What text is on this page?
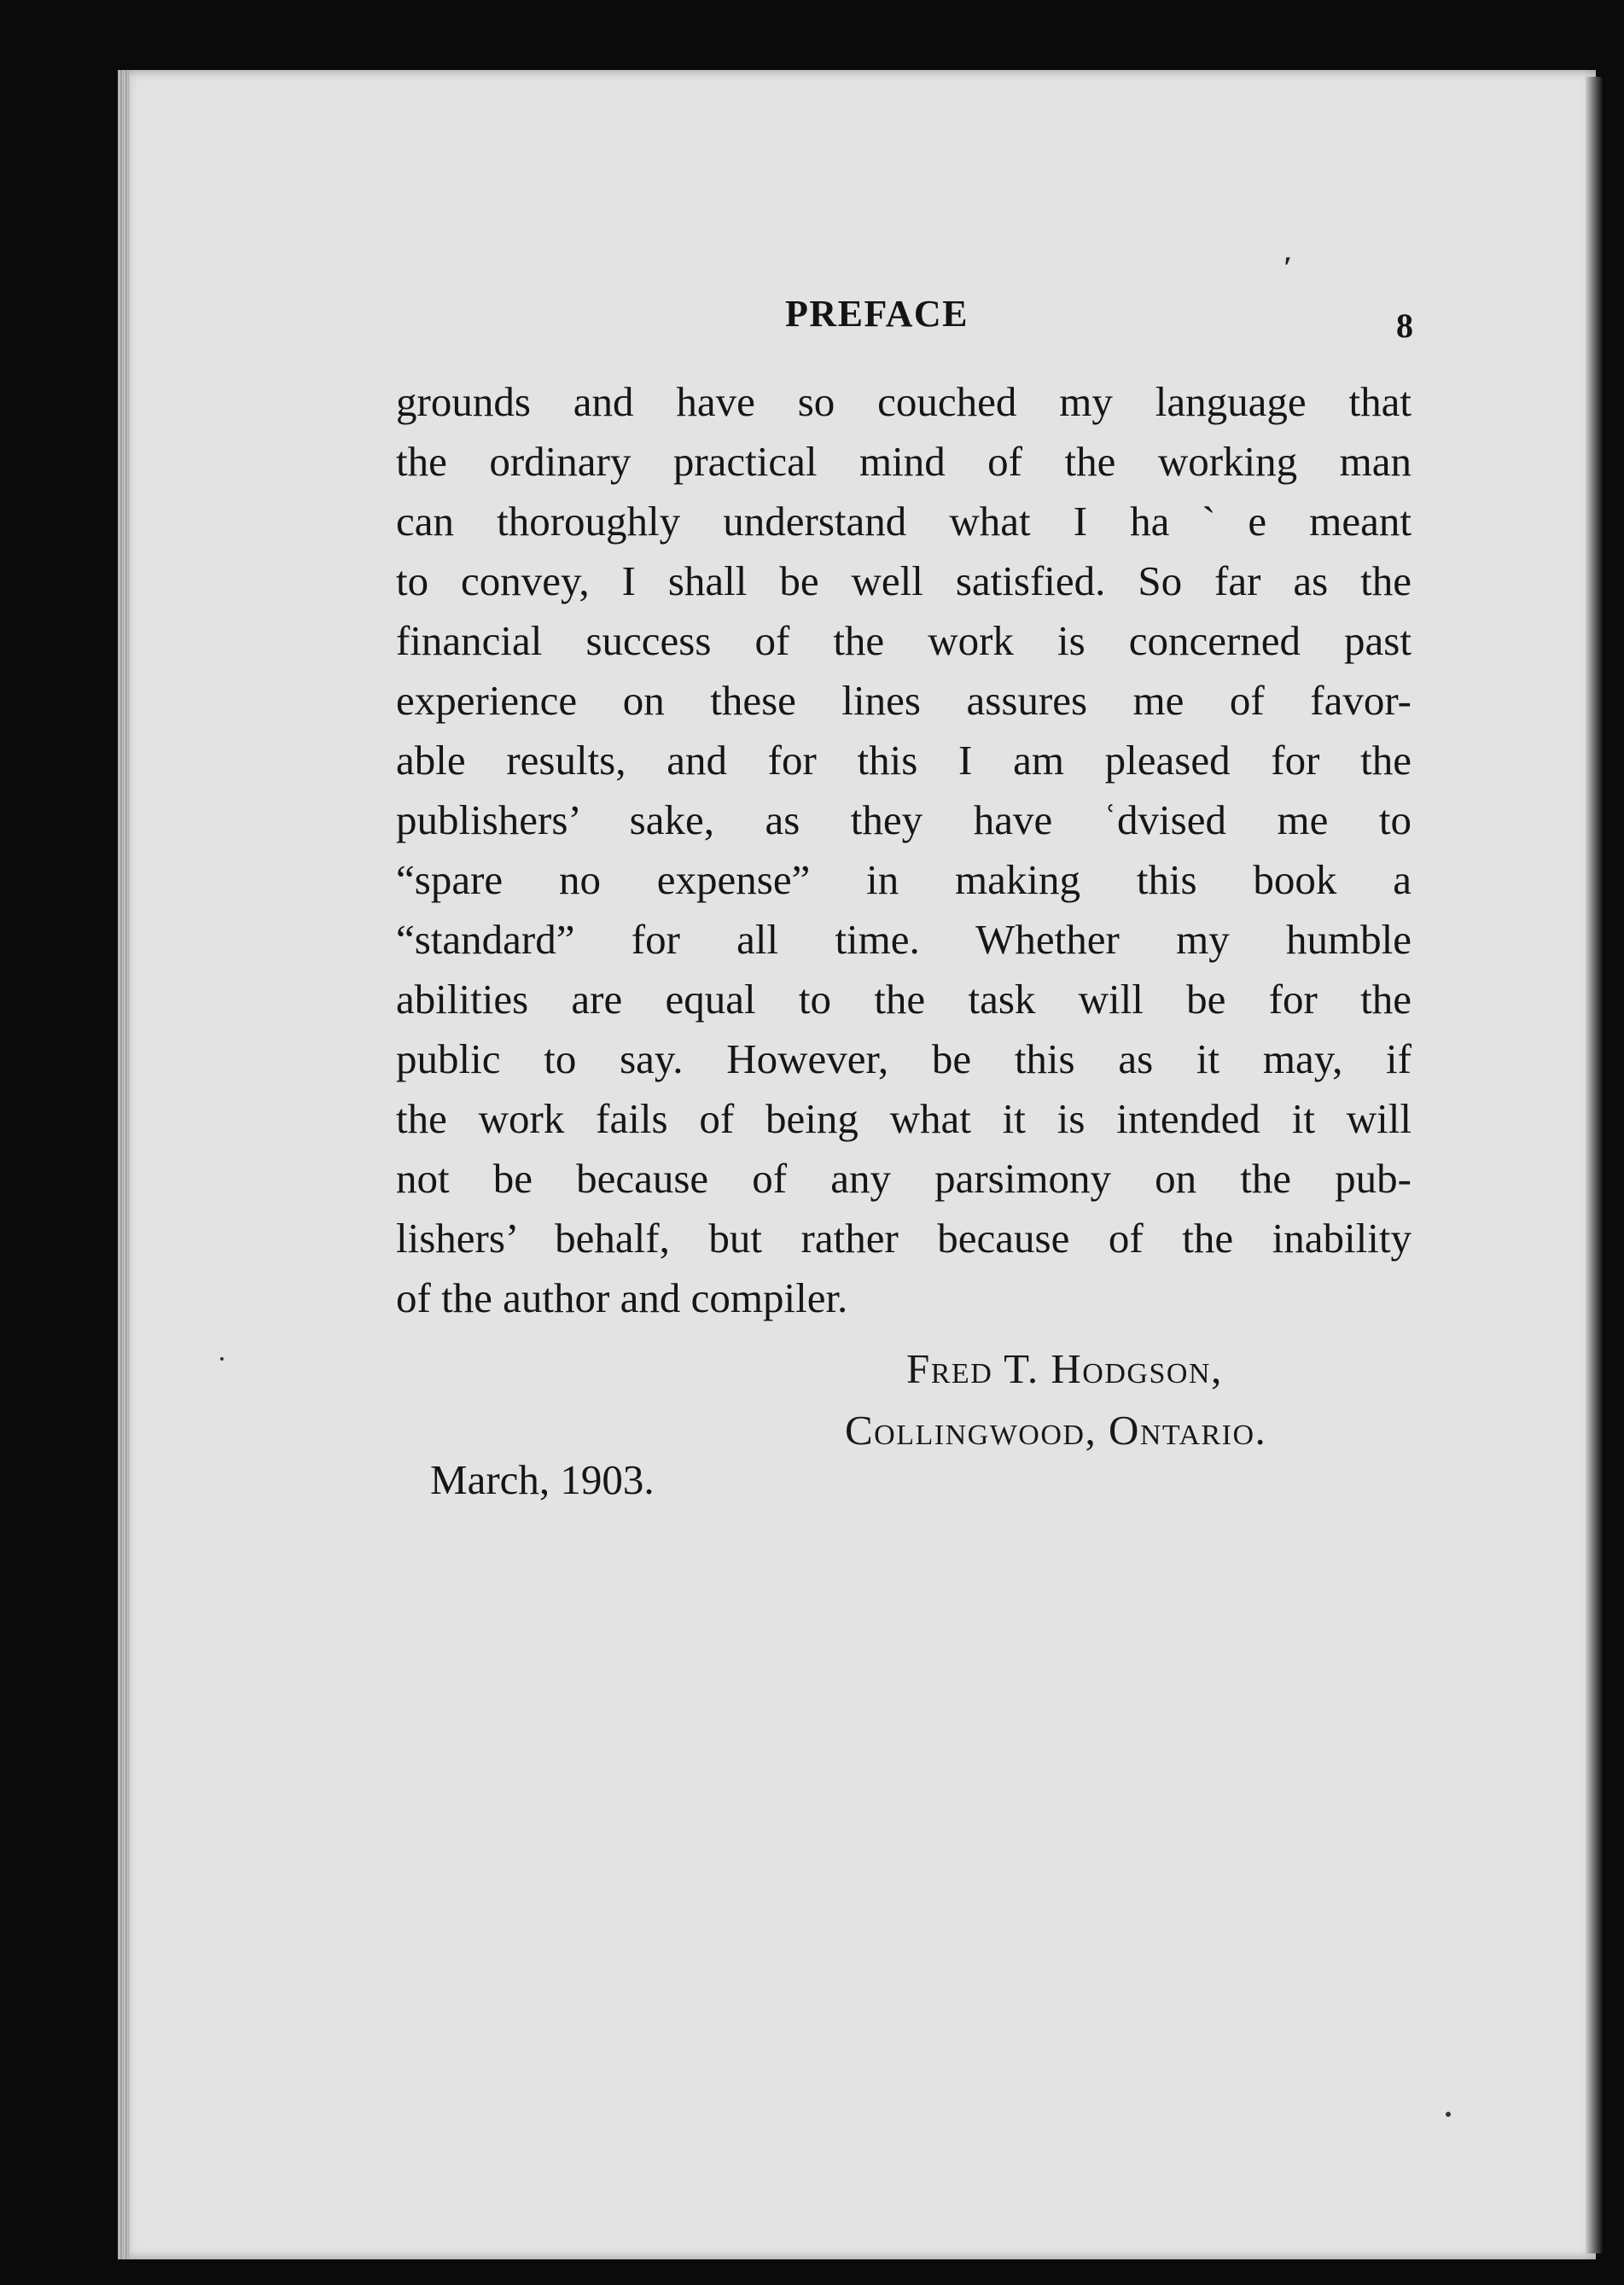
′
PREFACE	8
grounds and have so couched my language that
the ordinary practical mind of the working man
can thoroughly understand what I haˋe meant
to convey, I shall be well satisfied. So far as the
financial success of the work is concerned past
experience on these lines assures me of favor-
able results, and for this I am pleased for the
publishers’ sake, as they have ʿdvised me to
“spare no expense” in making this book a
“standard” for all time. Whether my humble
abilities are equal to the task will be for the
public to say. However, be this as it may, if
the work fails of being what it is intended it will
not be because of any parsimony on the pub-
lishers’ behalf, but rather because of the inability
of the author and compiler.
Fred T. Hodgson,
Collingwood, Ontario.
March, 1903.
